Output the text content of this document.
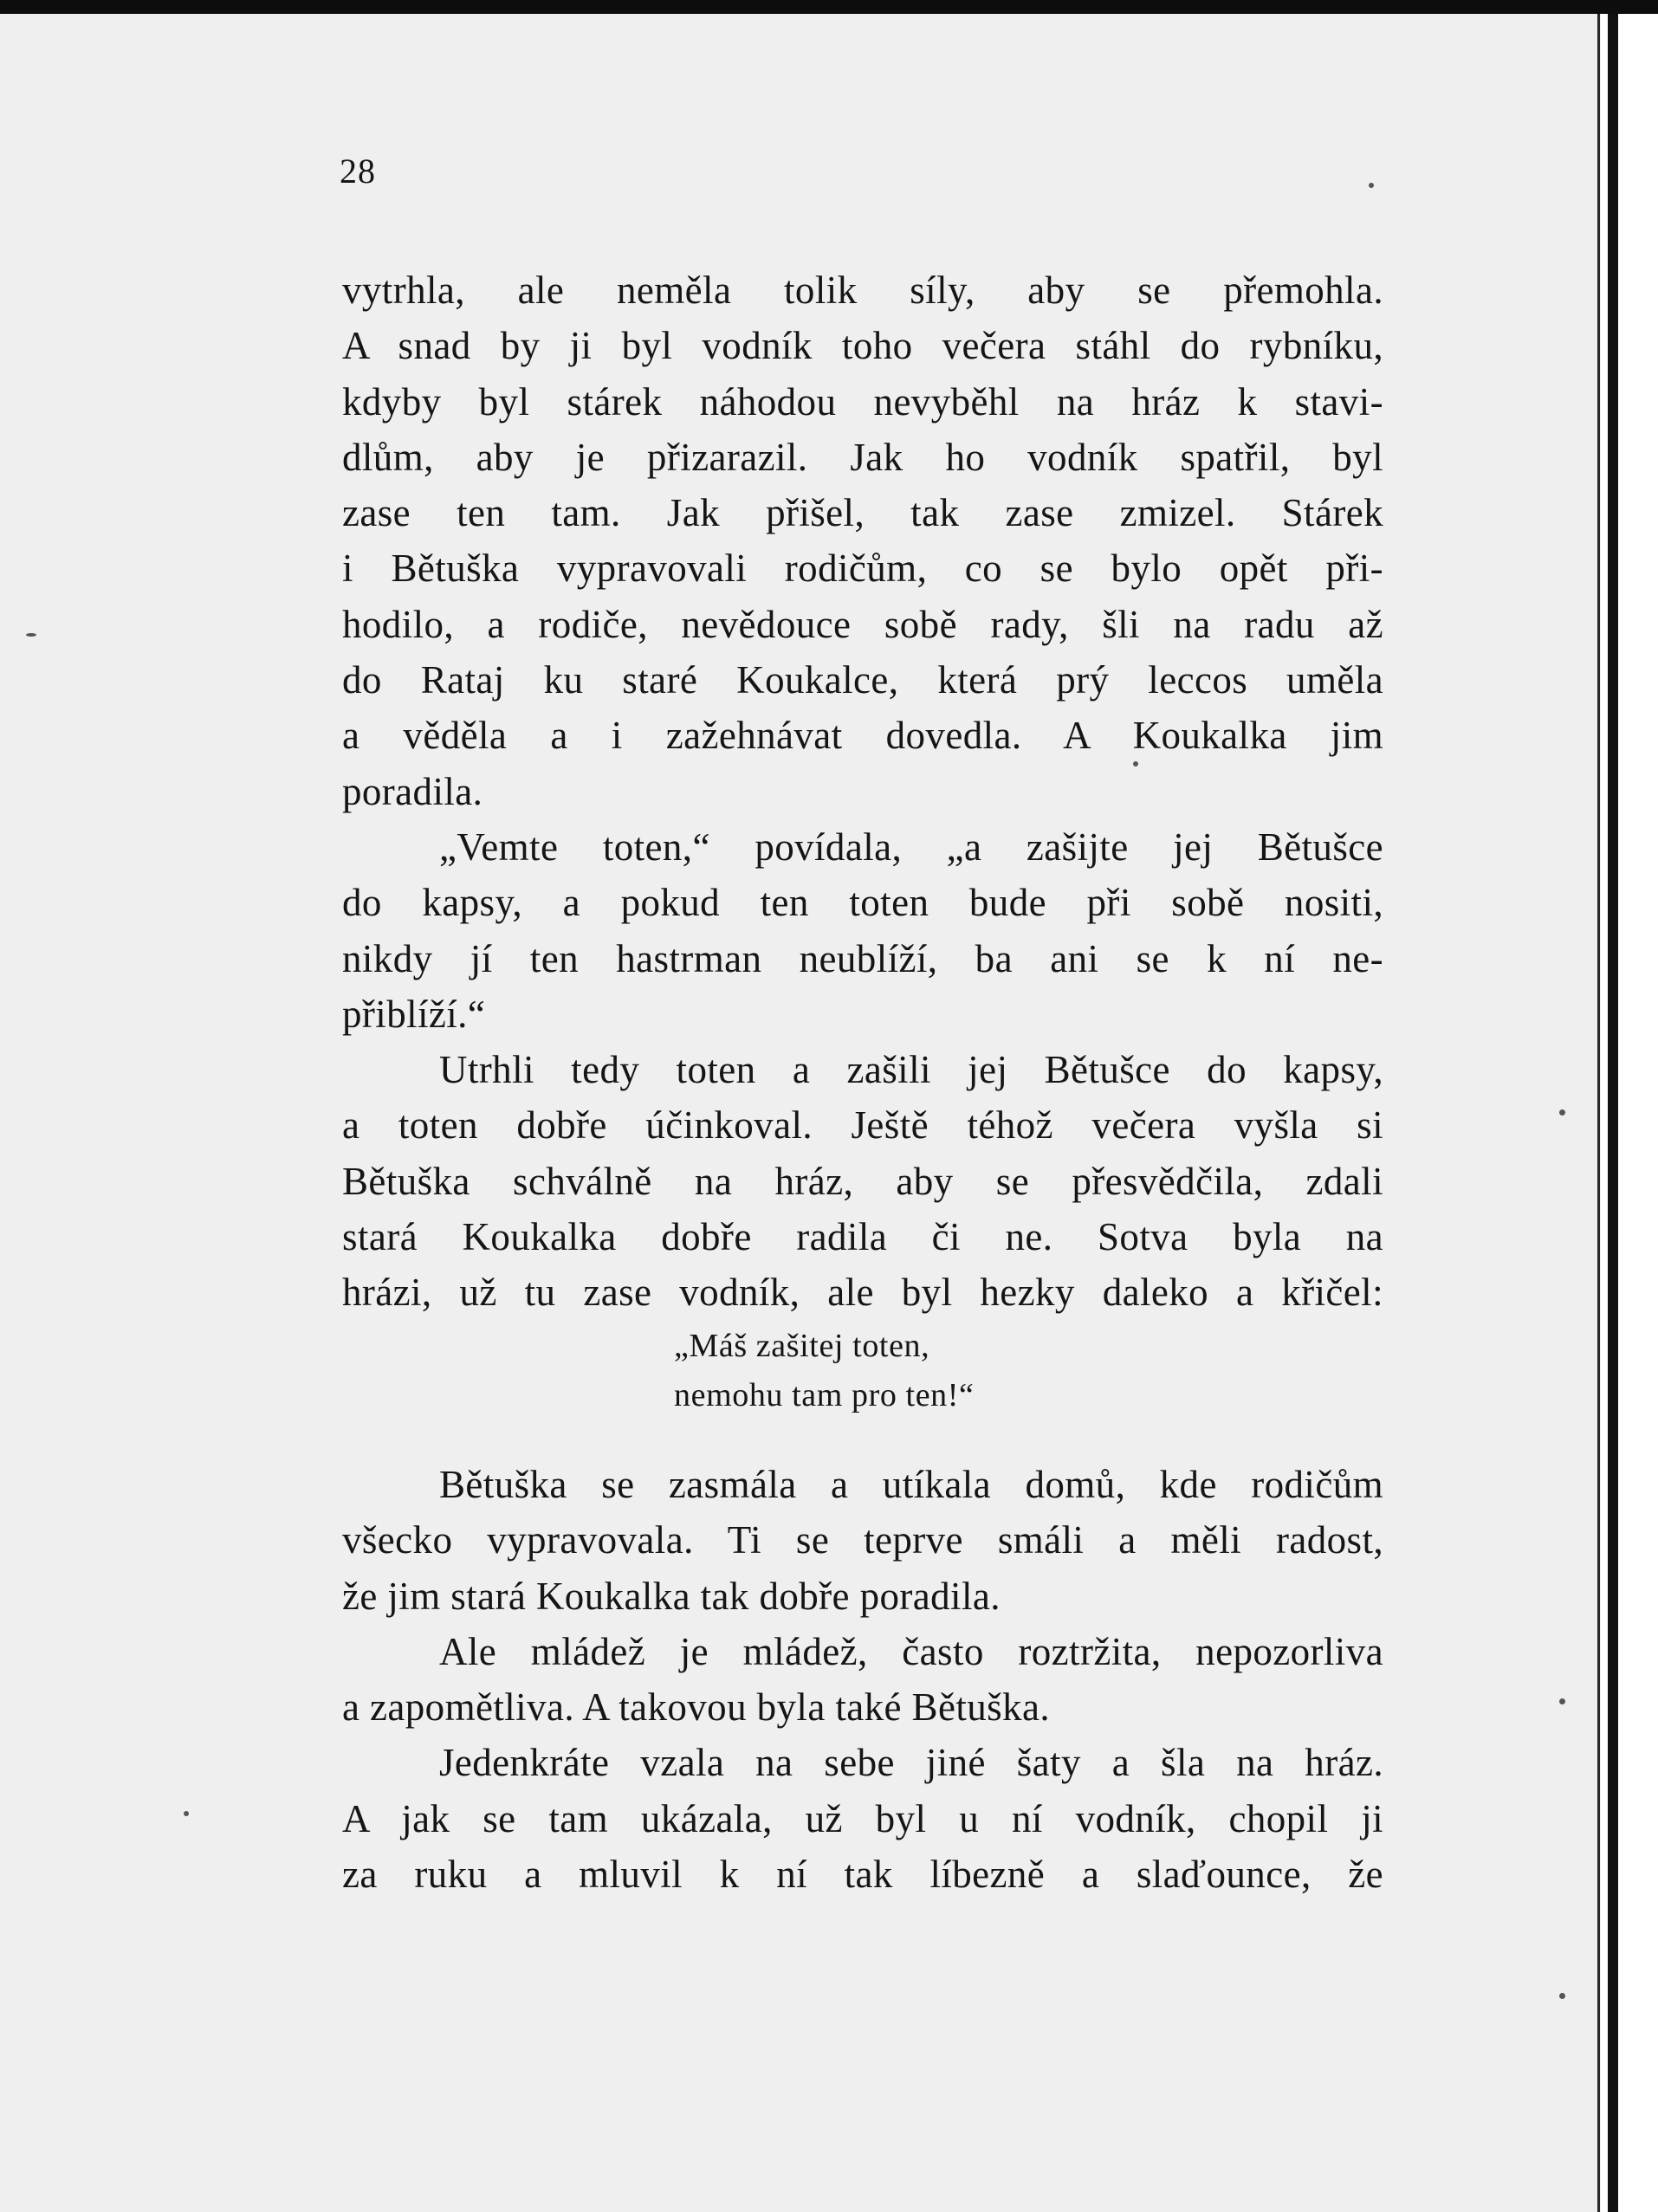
28
vytrhla, ale neměla tolik síly, aby se přemohla.
A snad by ji byl vodník toho večera stáhl do rybníku,
kdyby byl stárek náhodou nevyběhl na hráz k stavi-
dlům, aby je přizarazil. Jak ho vodník spatřil, byl
zase ten tam. Jak přišel, tak zase zmizel. Stárek
i Bětuška vypravovali rodičům, co se bylo opět při-
hodilo, a rodiče, nevědouce sobě rady, šli na radu až
do Rataj ku staré Koukalce, která prý leccos uměla
a věděla a i zažehnávat dovedla. A Koukalka jim
poradila.
„Vemte toten,“ povídala, „a zašijte jej Bětušce
do kapsy, a pokud ten toten bude při sobě nositi,
nikdy jí ten hastrman neublíží, ba ani se k ní ne-
přiblíží.“
Utrhli tedy toten a zašili jej Bětušce do kapsy,
a toten dobře účinkoval. Ještě téhož večera vyšla si
Bětuška schválně na hráz, aby se přesvědčila, zdali
stará Koukalka dobře radila či ne. Sotva byla na
hrázi, už tu zase vodník, ale byl hezky daleko a křičel:
„Máš zašitej toten,
nemohu tam pro ten!“
Bětuška se zasmála a utíkala domů, kde rodičům
všecko vypravovala. Ti se teprve smáli a měli radost,
že jim stará Koukalka tak dobře poradila.
Ale mládež je mládež, často roztržita, nepozorliva
a zapomětliva. A takovou byla také Bětuška.
Jedenkráte vzala na sebe jiné šaty a šla na hráz.
A jak se tam ukázala, už byl u ní vodník, chopil ji
za ruku a mluvil k ní tak líbezně a slaďounce, že
